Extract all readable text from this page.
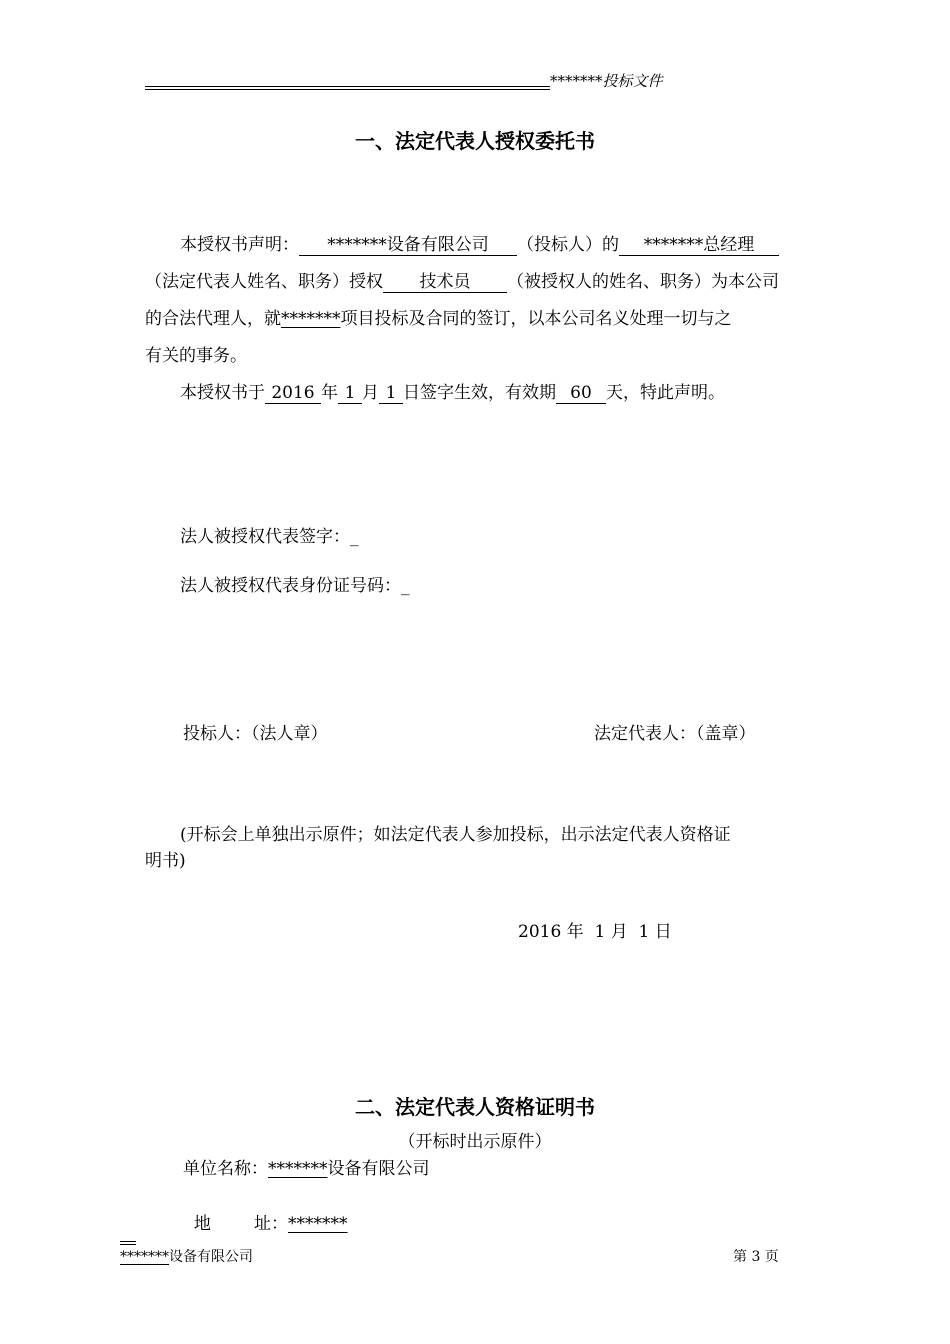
*******投标文件
一、法定代表人授权委托书
本授权书声明： *******设备有限公司 （投标人）的 *******总经理
（法定代表人姓名、职务）授权 技术员 （被授权人的姓名、职务）为本公司
的合法代理人，就*******项目投标及合同的签订，以本公司名义处理一切与之
有关的事务。
本授权书于 2016 年 1 月 1 日签字生效，有效期 60 天，特此声明。
法人被授权代表签字：_
法人被授权代表身份证号码：_
投标人：（法人章）	法定代表人：（盖章）
(开标会上单独出示原件；如法定代表人参加投标，出示法定代表人资格证
明书)
2016 年  1 月  1 日
二、法定代表人资格证明书
（开标时出示原件）
单位名称：*******设备有限公司

地        址：*******

*******设备有限公司	第 3 页
